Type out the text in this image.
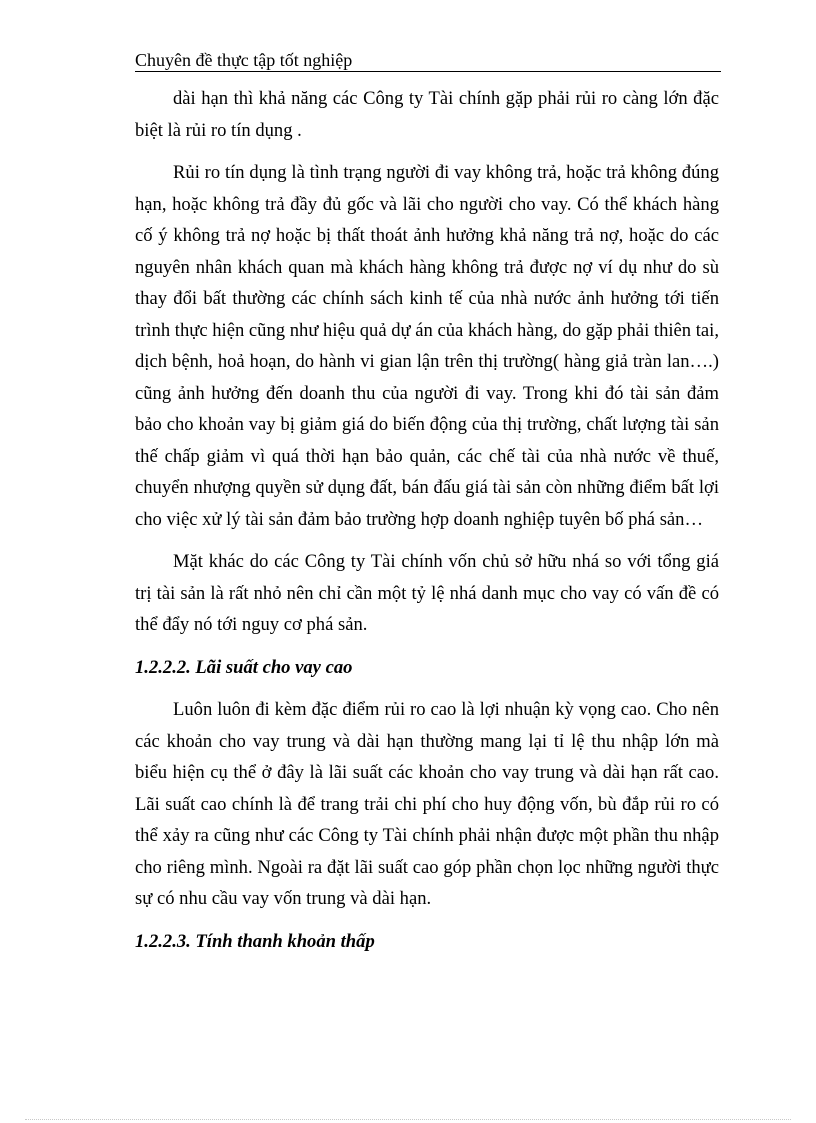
Chuyên đề thực tập tốt nghiệp

dài hạn thì khả năng các Công ty Tài chính gặp phải rủi ro càng lớn đặc biệt là rủi ro tín dụng .

Rủi ro tín dụng là tình trạng người đi vay không trả, hoặc trả không đúng hạn, hoặc không trả đầy đủ gốc và lãi cho người cho vay. Có thể khách hàng cố ý không trả nợ hoặc bị thất thoát ảnh hưởng khả năng trả nợ, hoặc do các nguyên nhân khách quan mà khách hàng không trả được nợ ví dụ như do sù thay đổi bất thường các chính sách kinh tế của nhà nước ảnh hưởng tới tiến trình thực hiện cũng như hiệu quả dự án của khách hàng, do gặp phải thiên tai, dịch bệnh, hoả hoạn, do hành vi gian lận trên thị trường( hàng giả tràn lan….) cũng ảnh hưởng đến doanh thu của người đi vay. Trong khi đó tài sản đảm bảo cho khoản vay bị giảm giá do biến động của thị trường, chất lượng tài sản thế chấp giảm vì quá thời hạn bảo quản, các chế tài của nhà nước về thuế, chuyển nhượng quyền sử dụng đất, bán đấu giá tài sản còn những điểm bất lợi cho việc xử lý tài sản đảm bảo trường hợp doanh nghiệp tuyên bố phá sản…

Mặt khác do các Công ty Tài chính vốn chủ sở hữu nhá so với tổng giá trị tài sản là rất nhỏ nên chỉ cần một tỷ lệ nhá danh mục cho vay có vấn đề có thể đẩy nó tới nguy cơ phá sản.

1.2.2.2. Lãi suất cho vay cao

Luôn luôn đi kèm đặc điểm rủi ro cao là lợi nhuận kỳ vọng cao. Cho nên các khoản cho vay trung và dài hạn thường mang lại tỉ lệ thu nhập lớn mà biểu hiện cụ thể ở đây là lãi suất các khoản cho vay trung và dài hạn rất cao. Lãi suất cao chính là để trang trải chi phí cho huy động vốn, bù đắp rủi ro có thể xảy ra cũng như các Công ty Tài chính phải nhận được một phần thu nhập cho riêng mình. Ngoài ra đặt lãi suất cao góp phần chọn lọc những người thực sự có nhu cầu vay vốn trung và dài hạn.

1.2.2.3. Tính thanh khoản thấp
